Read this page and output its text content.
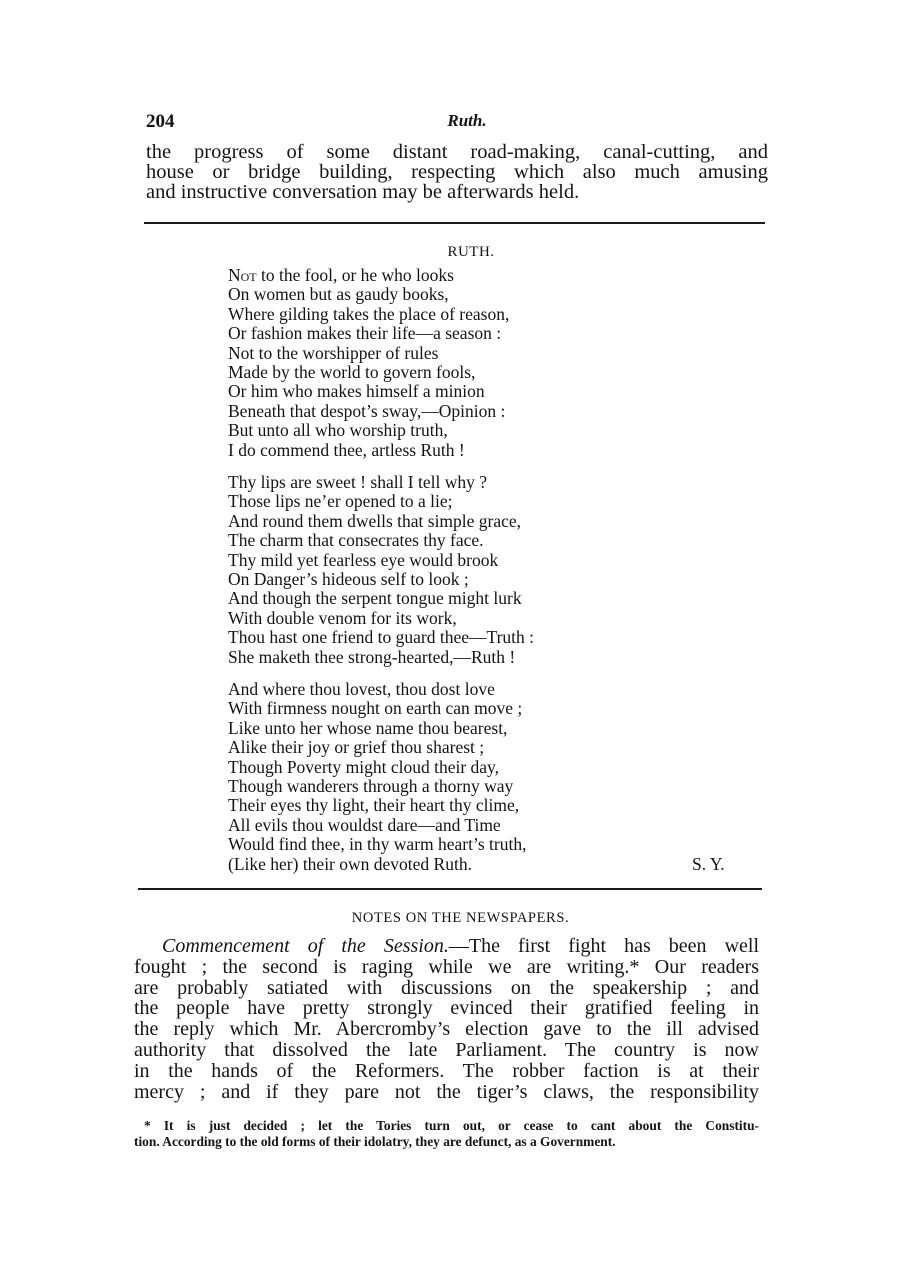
204	Ruth.
the progress of some distant road-making, canal-cutting, and
house or bridge building, respecting which also much amusing
and instructive conversation may be afterwards held.
RUTH.

Not to the fool, or he who looks

On women but as gaudy books,

Where gilding takes the place of reason,

Or fashion makes their life—a season :

Not to the worshipper of rules

Made by the world to govern fools,

Or him who makes himself a minion

Beneath that despot’s sway,—Opinion :

But unto all who worship truth,

I do commend thee, artless Ruth !

Thy lips are sweet ! shall I tell why ?

Those lips ne’er opened to a lie;

And round them dwells that simple grace,

The charm that consecrates thy face.

Thy mild yet fearless eye would brook

On Danger’s hideous self to look ;

And though the serpent tongue might lurk

With double venom for its work,

Thou hast one friend to guard thee—Truth :

She maketh thee strong-hearted,—Ruth !

And where thou lovest, thou dost love

With firmness nought on earth can move ;

Like unto her whose name thou bearest,

Alike their joy or grief thou sharest ;

Though Poverty might cloud their day,

Though wanderers through a thorny way

Their eyes thy light, their heart thy clime,

All evils thou wouldst dare—and Time

Would find thee, in thy warm heart’s truth,

(Like her) their own devoted Ruth.	S. Y.
NOTES ON THE NEWSPAPERS.
Commencement of the Session.—The first fight has been well
fought ; the second is raging while we are writing.* Our readers
are probably satiated with discussions on the speakership ; and
the people have pretty strongly evinced their gratified feeling in
the reply which Mr. Abercromby’s election gave to the ill advised
authority that dissolved the late Parliament. The country is now
in the hands of the Reformers. The robber faction is at their
mercy ; and if they pare not the tiger’s claws, the responsibility
* It is just decided ; let the Tories turn out, or cease to cant about the Constitu-
tion. According to the old forms of their idolatry, they are defunct, as a Government.
